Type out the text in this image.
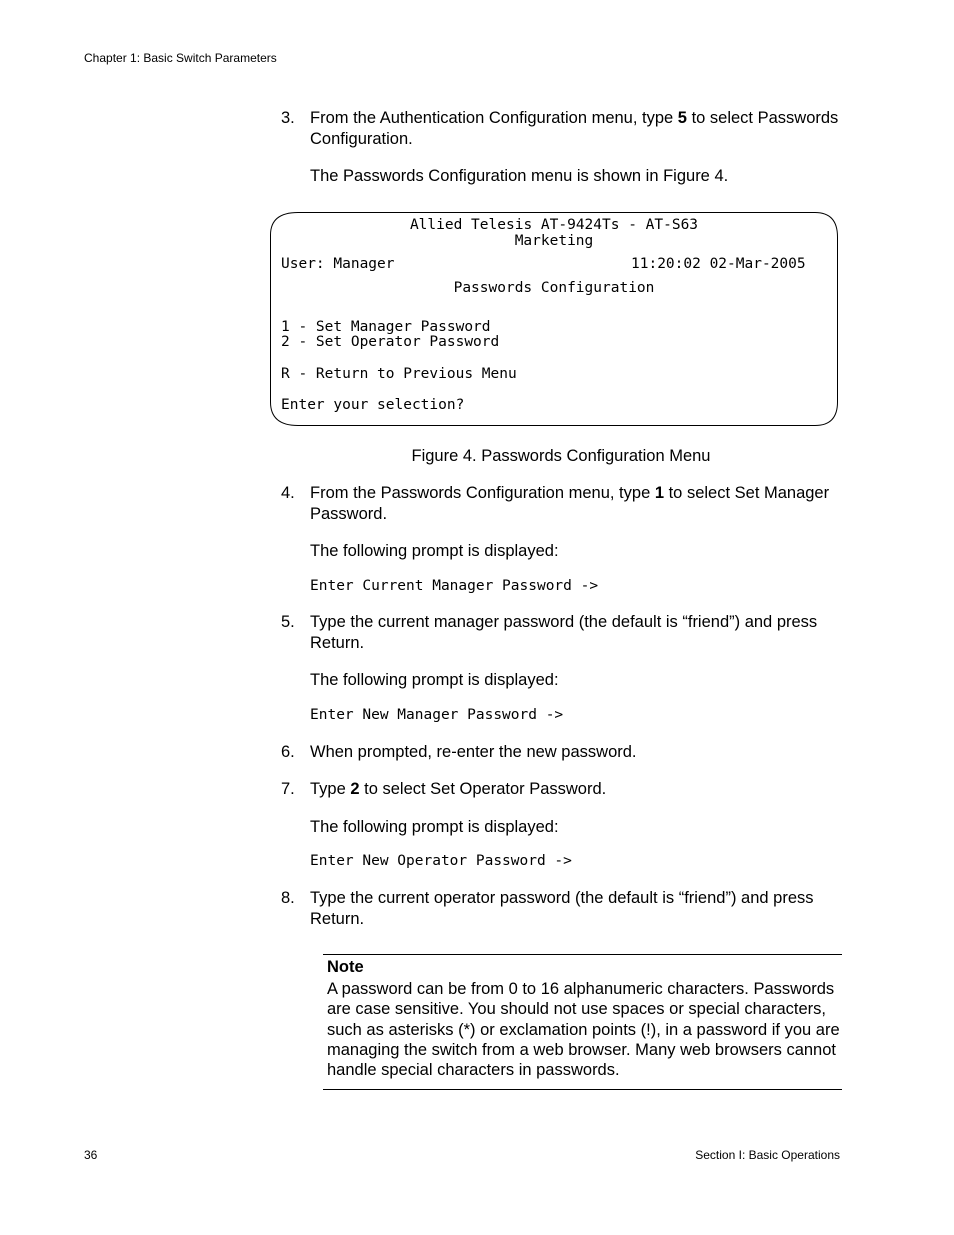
Chapter 1: Basic Switch Parameters
3. From the Authentication Configuration menu, type 5 to select Passwords Configuration.
The Passwords Configuration menu is shown in Figure 4.
Allied Telesis AT-9424Ts - AT-S63
Marketing
User: Manager	11:20:02 02-Mar-2005
Passwords Configuration
1 - Set Manager Password
2 - Set Operator Password
R - Return to Previous Menu
Enter your selection?
Figure 4. Passwords Configuration Menu
4. From the Passwords Configuration menu, type 1 to select Set Manager Password.
The following prompt is displayed:
Enter Current Manager Password ->
5. Type the current manager password (the default is “friend”) and press Return.
The following prompt is displayed:
Enter New Manager Password ->
6. When prompted, re-enter the new password.
7. Type 2 to select Set Operator Password.
The following prompt is displayed:
Enter New Operator Password ->
8. Type the current operator password (the default is “friend”) and press Return.
Note
A password can be from 0 to 16 alphanumeric characters. Passwords are case sensitive. You should not use spaces or special characters, such as asterisks (*) or exclamation points (!), in a password if you are managing the switch from a web browser. Many web browsers cannot handle special characters in passwords.
36	Section I: Basic Operations
